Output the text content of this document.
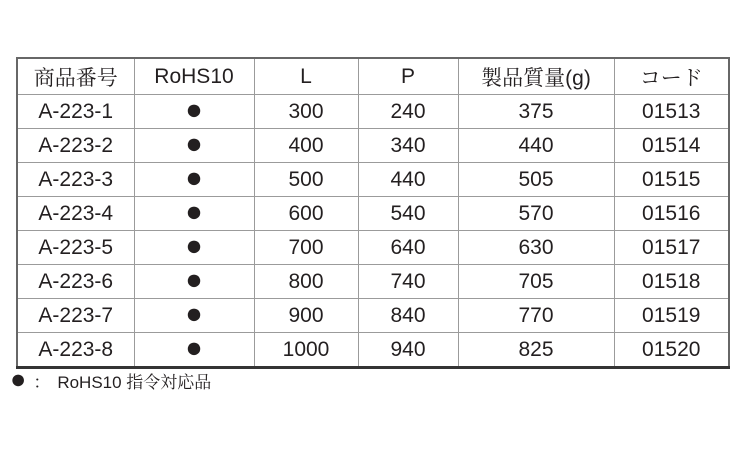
商品番号	RoHS10	L	P	製品質量(g)	コード
A-223-1	●	300	240	375	01513
A-223-2	●	400	340	440	01514
A-223-3	●	500	440	505	01515
A-223-4	●	600	540	570	01516
A-223-5	●	700	640	630	01517
A-223-6	●	800	740	705	01518
A-223-7	●	900	840	770	01519
A-223-8	●	1000	940	825	01520
● ： RoHS10 指令対応品
